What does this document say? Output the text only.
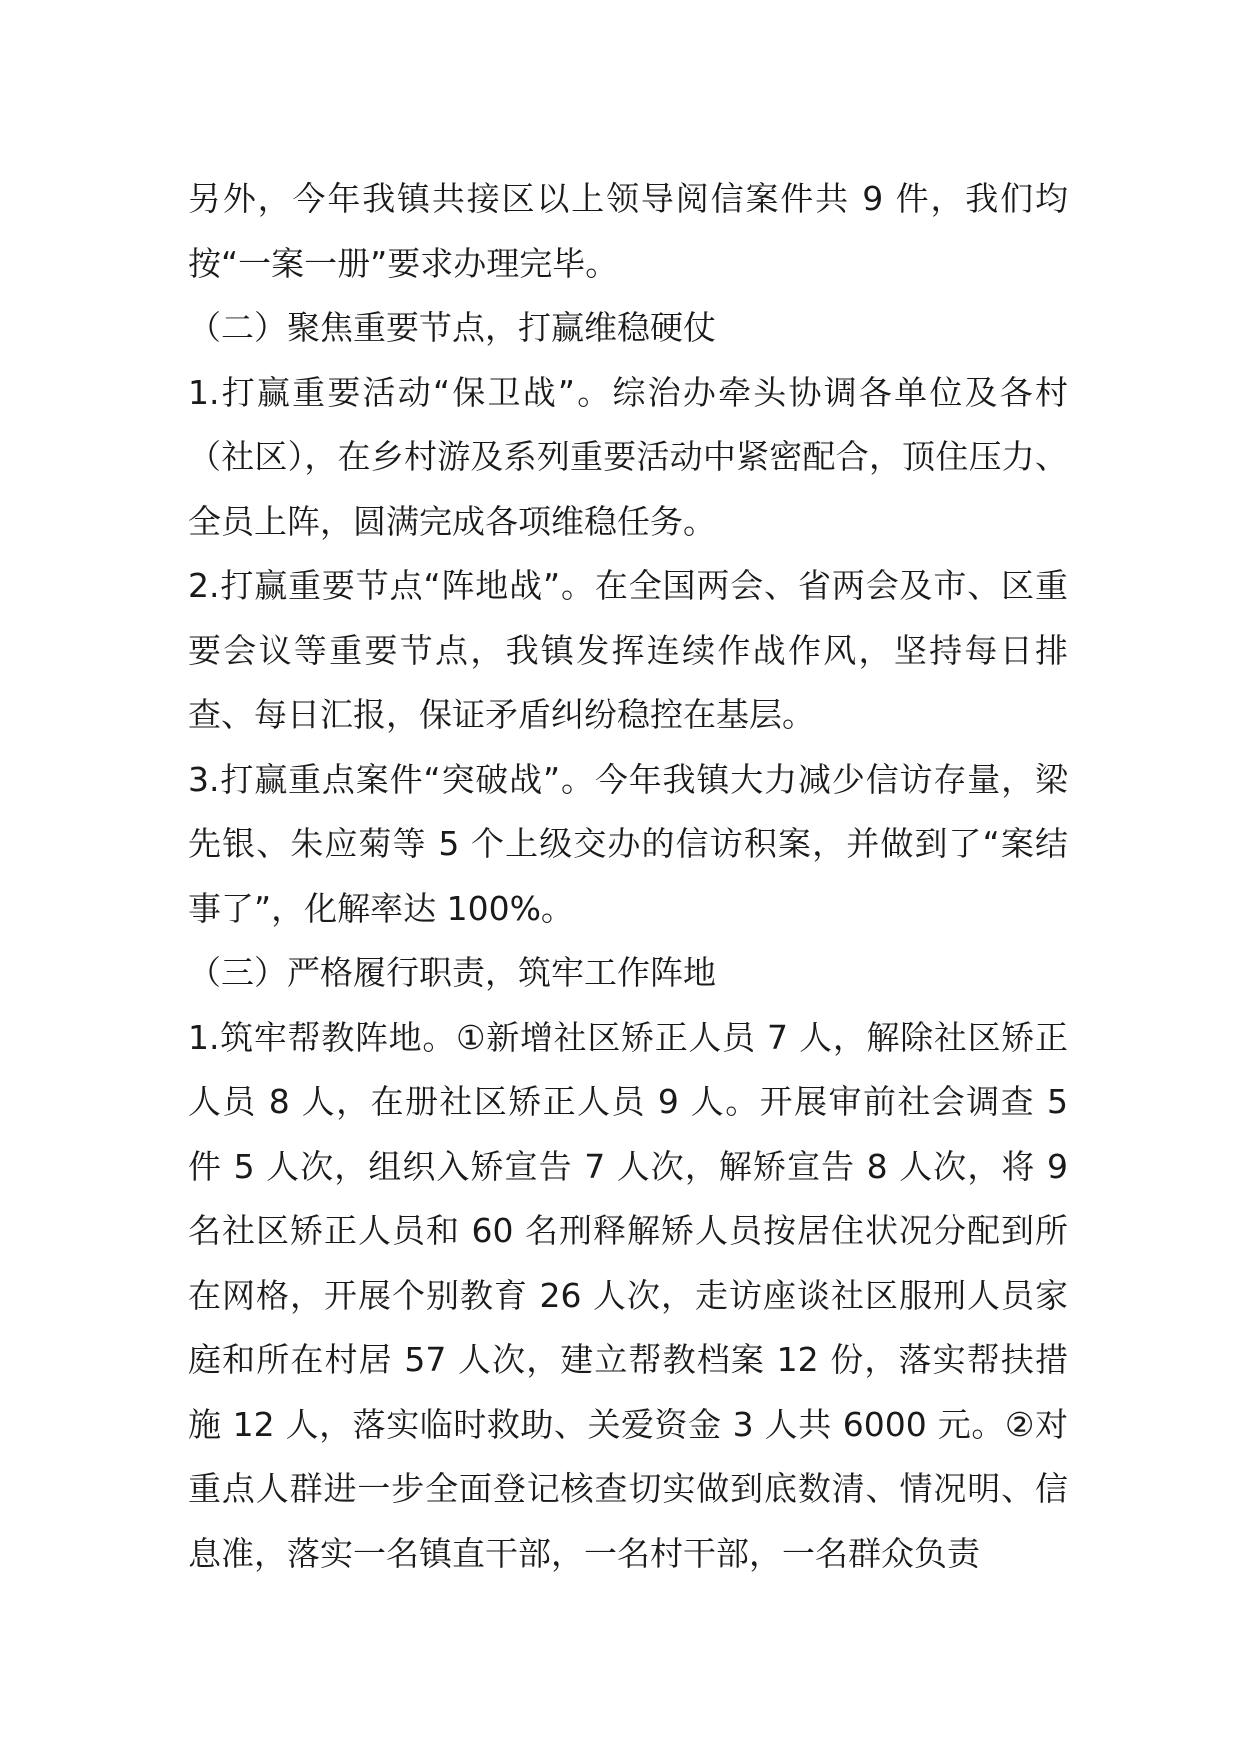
另外，今年我镇共接区以上领导阅信案件共 9 件，我们均按“一案一册”要求办理完毕。

（二）聚焦重要节点，打赢维稳硬仗

1.打赢重要活动“保卫战”。综治办牵头协调各单位及各村（社区），在乡村游及系列重要活动中紧密配合，顶住压力、全员上阵，圆满完成各项维稳任务。

2.打赢重要节点“阵地战”。在全国两会、省两会及市、区重要会议等重要节点，我镇发挥连续作战作风，坚持每日排查、每日汇报，保证矛盾纠纷稳控在基层。

3.打赢重点案件“突破战”。今年我镇大力减少信访存量，梁先银、朱应菊等 5 个上级交办的信访积案，并做到了“案结事了”，化解率达 100%。

（三）严格履行职责，筑牢工作阵地

1.筑牢帮教阵地。①新增社区矫正人员 7 人，解除社区矫正人员 8 人，在册社区矫正人员 9 人。开展审前社会调查 5 件 5 人次，组织入矫宣告 7 人次，解矫宣告 8 人次，将 9 名社区矫正人员和 60 名刑释解矫人员按居住状况分配到所在网格，开展个别教育 26 人次，走访座谈社区服刑人员家庭和所在村居 57 人次，建立帮教档案 12 份，落实帮扶措施 12 人，落实临时救助、关爱资金 3 人共 6000 元。②对重点人群进一步全面登记核查切实做到底数清、情况明、信息准，落实一名镇直干部，一名村干部，一名群众负责
